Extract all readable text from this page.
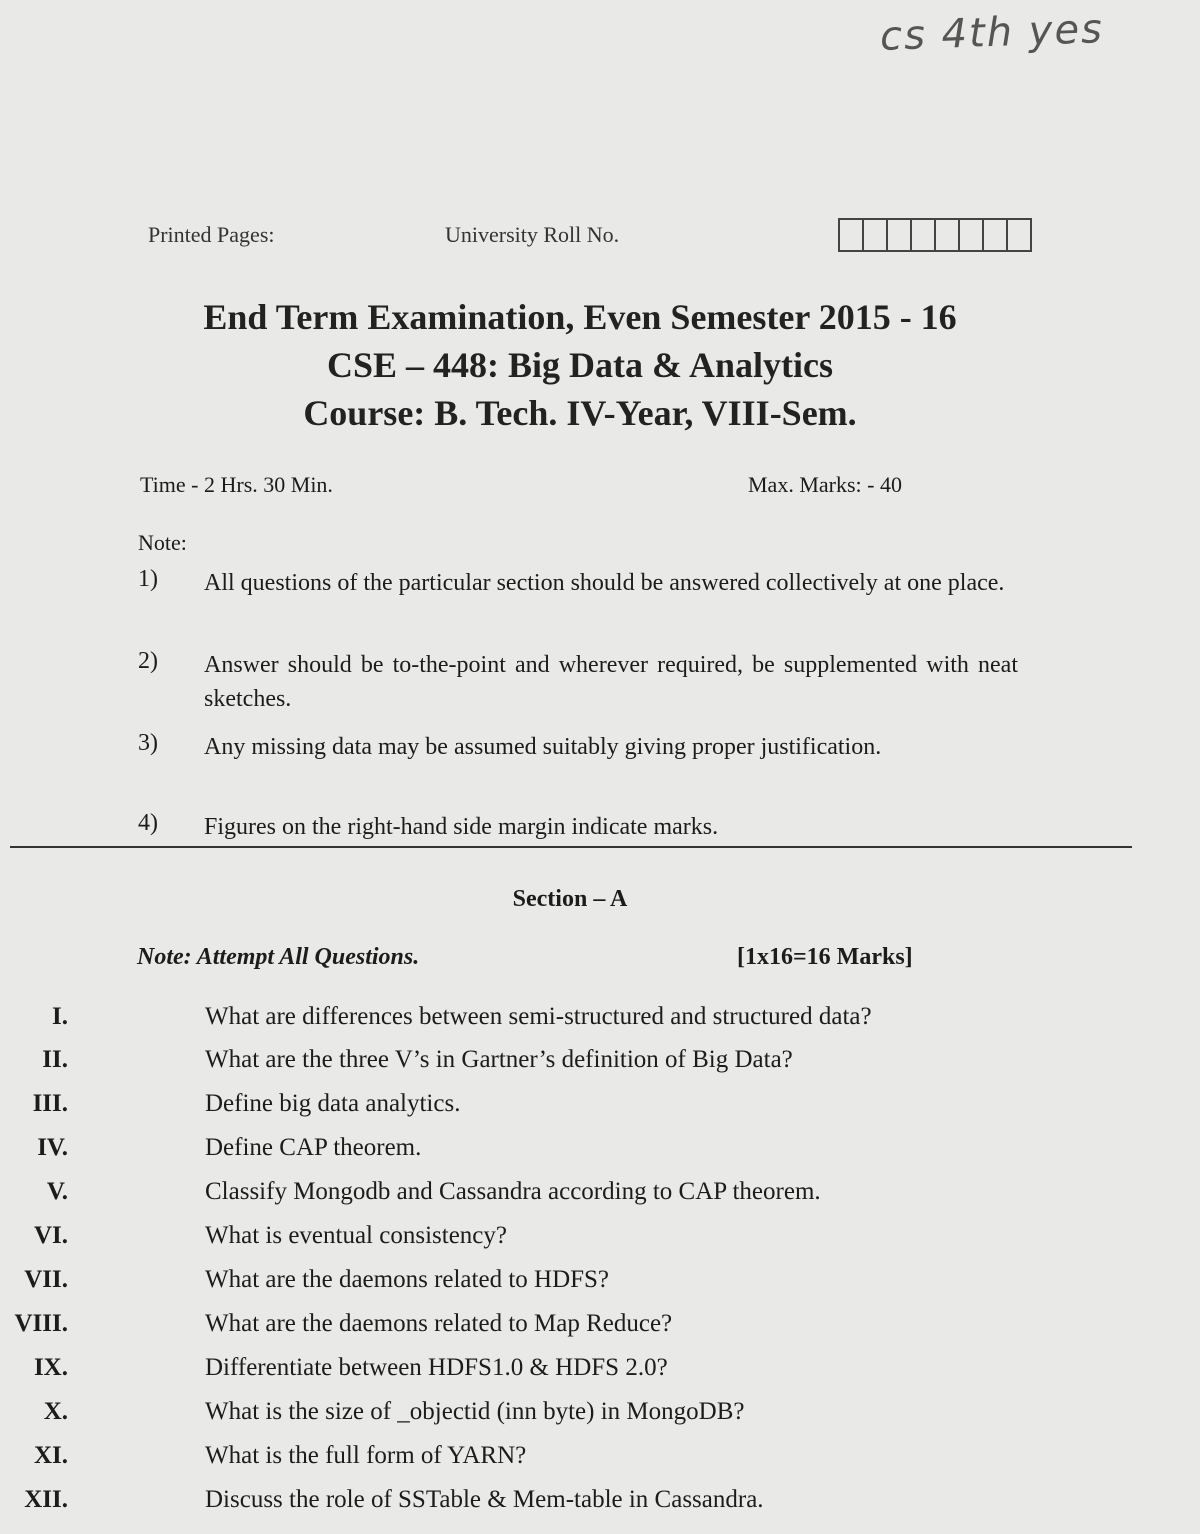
cs 4th yes
Printed Pages:	University Roll No.
End Term Examination, Even Semester 2015 - 16
CSE – 448: Big Data & Analytics
Course: B. Tech. IV-Year, VIII-Sem.
Time - 2 Hrs. 30 Min.	Max. Marks: - 40
Note:
1)	All questions of the particular section should be answered collectively at one place.
2)	Answer should be to-the-point and wherever required, be supplemented with neat sketches.
3)	Any missing data may be assumed suitably giving proper justification.
4)	Figures on the right-hand side margin indicate marks.
Section – A
Note: Attempt All Questions.	[1x16=16 Marks]
I.	What are differences between semi-structured and structured data?
II.	What are the three V’s in Gartner’s definition of Big Data?
III.	Define big data analytics.
IV.	Define CAP theorem.
V.	Classify Mongodb and Cassandra according to CAP theorem.
VI.	What is eventual consistency?
VII.	What are the daemons related to HDFS?
VIII.	What are the daemons related to Map Reduce?
IX.	Differentiate between HDFS1.0 & HDFS 2.0?
X.	What is the size of _objectid (inn byte) in MongoDB?
XI.	What is the full form of YARN?
XII.	Discuss the role of SSTable & Mem-table in Cassandra.
